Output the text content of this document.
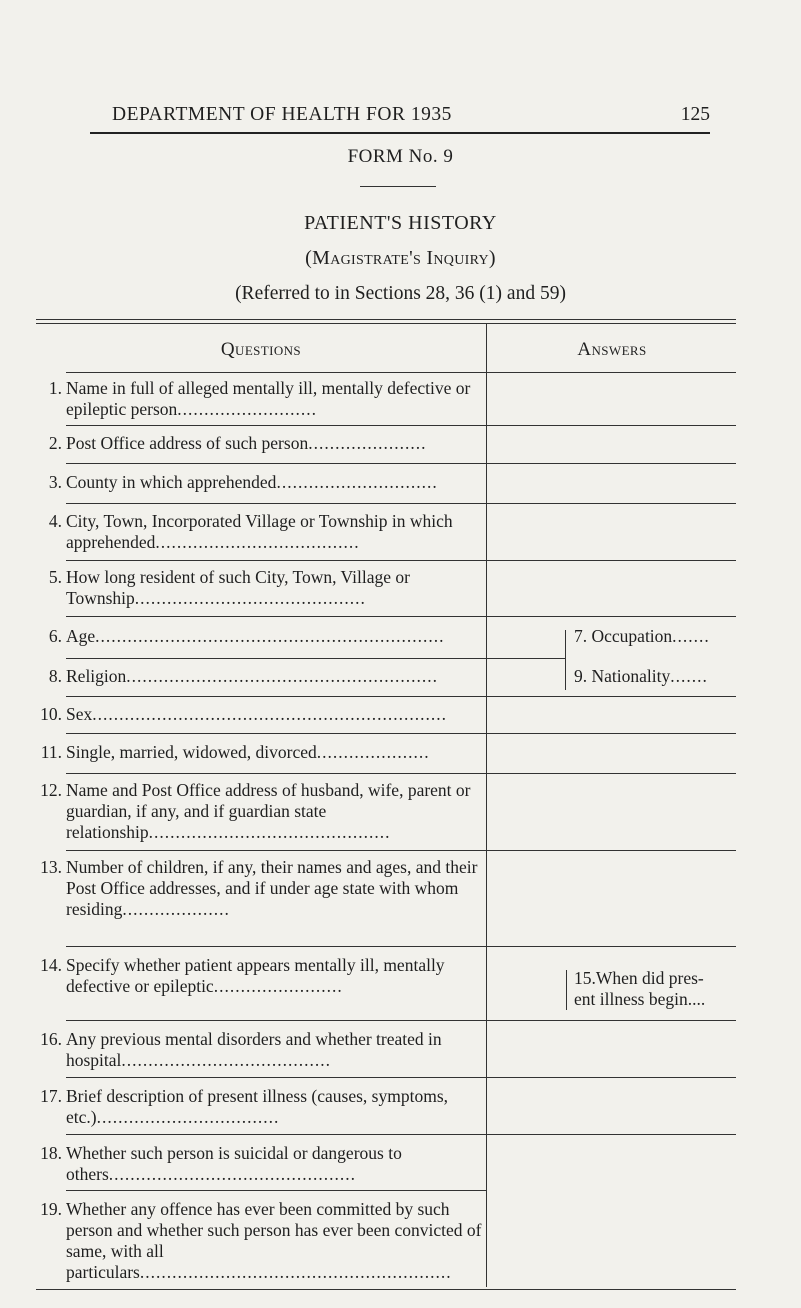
DEPARTMENT OF HEALTH FOR 1935	125
FORM No. 9
PATIENT'S HISTORY
(Magistrate's Inquiry)
(Referred to in Sections 28, 36 (1) and 59)
Questions	Answers
1. Name in full of alleged mentally ill, mentally defective or epileptic person..........................
2. Post Office address of such person......................
3. County in which apprehended..............................
4. City, Town, Incorporated Village or Township in which apprehended......................................
5. How long resident of such City, Town, Village or Township...........................................
6. Age.................................................................
8. Religion..........................................................
10. Sex..................................................................
11. Single, married, widowed, divorced.....................
12. Name and Post Office address of husband, wife, parent or guardian, if any, and if guardian state relationship.............................................
13. Number of children, if any, their names and ages, and their Post Office addresses, and if under age state with whom residing....................
14. Specify whether patient appears mentally ill, mentally defective or epileptic........................
16. Any previous mental disorders and whether treated in hospital.......................................
17. Brief description of present illness (causes, symptoms, etc.)..................................
18. Whether such person is suicidal or dangerous to others..............................................
19. Whether any offence has ever been committed by such person and whether such person has ever been convicted of same, with all particulars..........................................................
7. Occupation.......
9. Nationality.......
15.When did pres-
ent illness begin....
